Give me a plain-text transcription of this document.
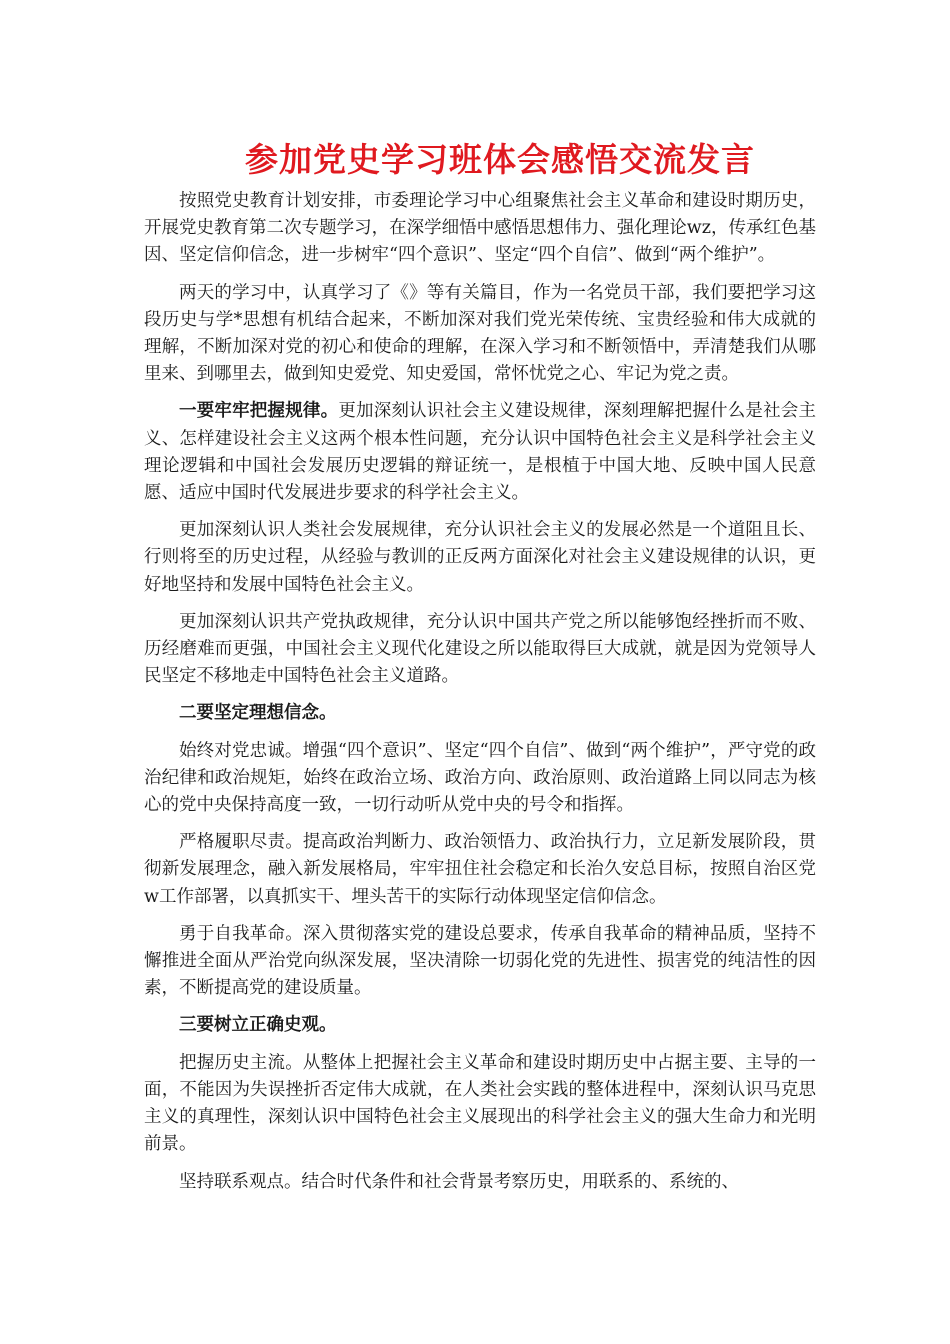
参加党史学习班体会感悟交流发言

按照党史教育计划安排，市委理论学习中心组聚焦社会主义革命和建设时期历史，开展党史教育第二次专题学习，在深学细悟中感悟思想伟力、强化理论wz，传承红色基因、坚定信仰信念，进一步树牢“四个意识”、坚定“四个自信”、做到“两个维护”。

两天的学习中，认真学习了《》等有关篇目，作为一名党员干部，我们要把学习这段历史与学*思想有机结合起来，不断加深对我们党光荣传统、宝贵经验和伟大成就的理解，不断加深对党的初心和使命的理解，在深入学习和不断领悟中，弄清楚我们从哪里来、到哪里去，做到知史爱党、知史爱国，常怀忧党之心、牢记为党之责。

一要牢牢把握规律。更加深刻认识社会主义建设规律，深刻理解把握什么是社会主义、怎样建设社会主义这两个根本性问题，充分认识中国特色社会主义是科学社会主义理论逻辑和中国社会发展历史逻辑的辩证统一，是根植于中国大地、反映中国人民意愿、适应中国时代发展进步要求的科学社会主义。

更加深刻认识人类社会发展规律，充分认识社会主义的发展必然是一个道阻且长、行则将至的历史过程，从经验与教训的正反两方面深化对社会主义建设规律的认识，更好地坚持和发展中国特色社会主义。

更加深刻认识共产党执政规律，充分认识中国共产党之所以能够饱经挫折而不败、历经磨难而更强，中国社会主义现代化建设之所以能取得巨大成就，就是因为党领导人民坚定不移地走中国特色社会主义道路。

二要坚定理想信念。

始终对党忠诚。增强“四个意识”、坚定“四个自信”、做到“两个维护”，严守党的政治纪律和政治规矩，始终在政治立场、政治方向、政治原则、政治道路上同以同志为核心的党中央保持高度一致，一切行动听从党中央的号令和指挥。

严格履职尽责。提高政治判断力、政治领悟力、政治执行力，立足新发展阶段，贯彻新发展理念，融入新发展格局，牢牢扭住社会稳定和长治久安总目标，按照自治区党w工作部署，以真抓实干、埋头苦干的实际行动体现坚定信仰信念。

勇于自我革命。深入贯彻落实党的建设总要求，传承自我革命的精神品质，坚持不懈推进全面从严治党向纵深发展，坚决清除一切弱化党的先进性、损害党的纯洁性的因素，不断提高党的建设质量。

三要树立正确史观。

把握历史主流。从整体上把握社会主义革命和建设时期历史中占据主要、主导的一面，不能因为失误挫折否定伟大成就，在人类社会实践的整体进程中，深刻认识马克思主义的真理性，深刻认识中国特色社会主义展现出的科学社会主义的强大生命力和光明前景。

坚持联系观点。结合时代条件和社会背景考察历史，用联系的、系统的、
